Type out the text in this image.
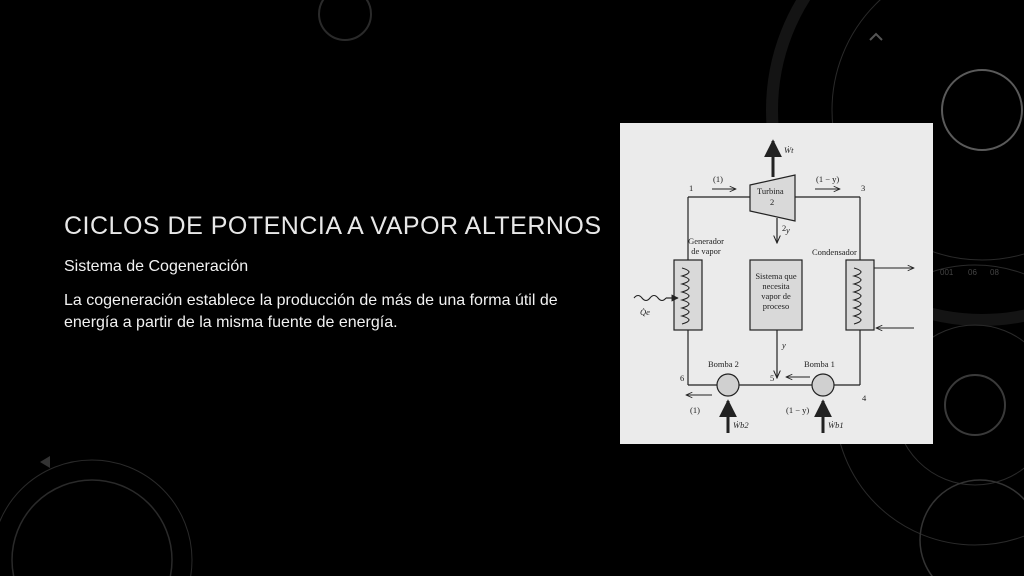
001 06 08
CICLOS DE POTENCIA A VAPOR ALTERNOS

Sistema de Cogeneración

La cogeneración establece la producción de más de una forma útil de energía a partir de la misma fuente de energía.

Ẇt
Turbina
2
(1)	(1 − y)
1
2
3
4
5
6
y
y
Q̇e
Bomba 2	Bomba 1
Condensador
(1)	(1 − y)
Ẇb2	Ẇb1
Generador de vapor
Sistema que necesita vapor de proceso
